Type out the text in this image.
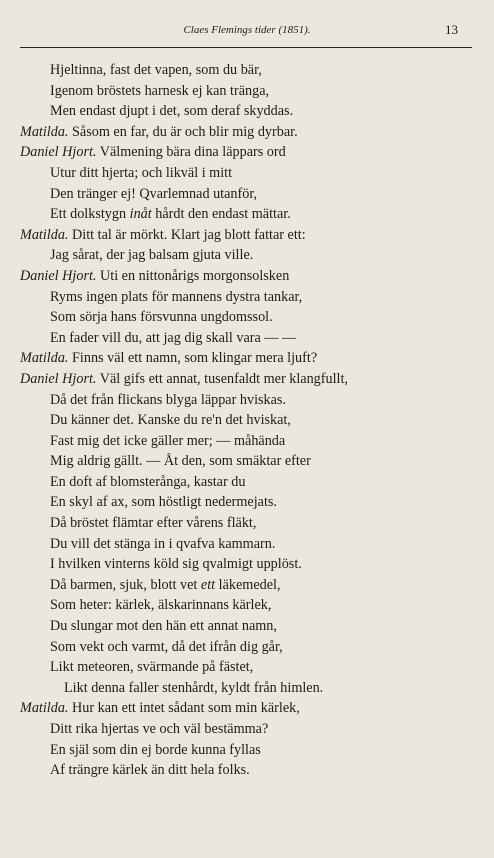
Claes Flemings tider (1851).	13
Hjeltinna, fast det vapen, som du bär,
Igenom bröstets harnesk ej kan tränga,
Men endast djupt i det, som deraf skyddas.
Matilda. Såsom en far, du är och blir mig dyrbar.
Daniel Hjort. Välmening bära dina läppars ord
Utur ditt hjerta; och likväl i mitt
Den tränger ej! Qvarlemnad utanför,
Ett dolkstygn inåt hårdt den endast mättar.
Matilda. Ditt tal är mörkt. Klart jag blott fattar ett:
Jag sårat, der jag balsam gjuta ville.
Daniel Hjort. Uti en nittonårigs morgonsolsken
Ryms ingen plats för mannens dystra tankar,
Som sörja hans försvunna ungdomssol.
En fader vill du, att jag dig skall vara — —
Matilda. Finns väl ett namn, som klingar mera ljuft?
Daniel Hjort. Väl gifs ett annat, tusenfaldt mer klangfullt,
Då det från flickans blyga läppar hviskas.
Du känner det. Kanske du re'n det hviskat,
Fast mig det icke gäller mer; — måhända
Mig aldrig gällt. — Åt den, som smäktar efter
En doft af blomsterånga, kastar du
En skyl af ax, som höstligt nedermejats.
Då bröstet flämtar efter vårens fläkt,
Du vill det stänga in i qvafva kammarn.
I hvilken vinterns köld sig qvalmigt upplöst.
Då barmen, sjuk, blott vet ett läkemedel,
Som heter: kärlek, älskarinnans kärlek,
Du slungar mot den hän ett annat namn,
Som vekt och varmt, då det ifrån dig går,
Likt meteoren, svärmande på fästet,
Likt denna faller stenhårdt, kyldt från himlen.
Matilda. Hur kan ett intet sådant som min kärlek,
Ditt rika hjertas ve och väl bestämma?
En själ som din ej borde kunna fyllas
Af trängre kärlek än ditt hela folks.
